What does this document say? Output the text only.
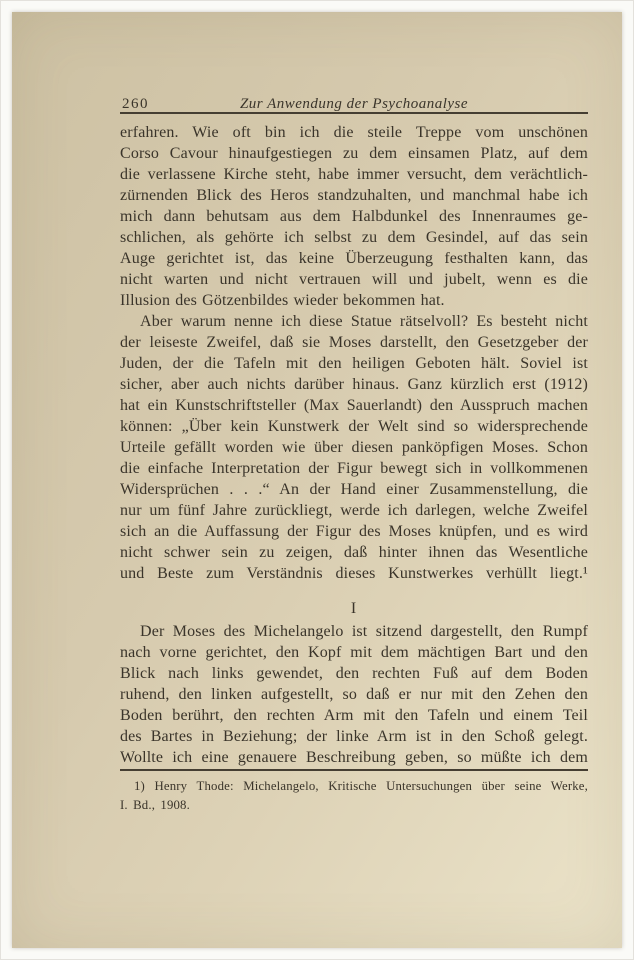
260	Zur Anwendung der Psychoanalyse
erfahren. Wie oft bin ich die steile Treppe vom unschönen
Corso Cavour hinaufgestiegen zu dem einsamen Platz, auf dem
die verlassene Kirche steht, habe immer versucht, dem verächtlich-
zürnenden Blick des Heros standzuhalten, und manchmal habe ich
mich dann behutsam aus dem Halbdunkel des Innenraumes ge-
schlichen, als gehörte ich selbst zu dem Gesindel, auf das sein
Auge gerichtet ist, das keine Überzeugung festhalten kann, das
nicht warten und nicht vertrauen will und jubelt, wenn es die
Illusion des Götzenbildes wieder bekommen hat.
Aber warum nenne ich diese Statue rätselvoll? Es besteht nicht
der leiseste Zweifel, daß sie Moses darstellt, den Gesetzgeber der
Juden, der die Tafeln mit den heiligen Geboten hält. Soviel ist
sicher, aber auch nichts darüber hinaus. Ganz kürzlich erst (1912)
hat ein Kunstschriftsteller (Max Sauerlandt) den Ausspruch machen
können: „Über kein Kunstwerk der Welt sind so widersprechende
Urteile gefällt worden wie über diesen panköpfigen Moses. Schon
die einfache Interpretation der Figur bewegt sich in vollkommenen
Widersprüchen . . .“ An der Hand einer Zusammenstellung, die
nur um fünf Jahre zurückliegt, werde ich darlegen, welche Zweifel
sich an die Auffassung der Figur des Moses knüpfen, und es wird
nicht schwer sein zu zeigen, daß hinter ihnen das Wesentliche
und Beste zum Verständnis dieses Kunstwerkes verhüllt liegt.¹
I
Der Moses des Michelangelo ist sitzend dargestellt, den Rumpf
nach vorne gerichtet, den Kopf mit dem mächtigen Bart und den
Blick nach links gewendet, den rechten Fuß auf dem Boden
ruhend, den linken aufgestellt, so daß er nur mit den Zehen den
Boden berührt, den rechten Arm mit den Tafeln und einem Teil
des Bartes in Beziehung; der linke Arm ist in den Schoß gelegt.
Wollte ich eine genauere Beschreibung geben, so müßte ich dem
1) Henry Thode: Michelangelo, Kritische Untersuchungen über seine Werke,
I. Bd., 1908.
